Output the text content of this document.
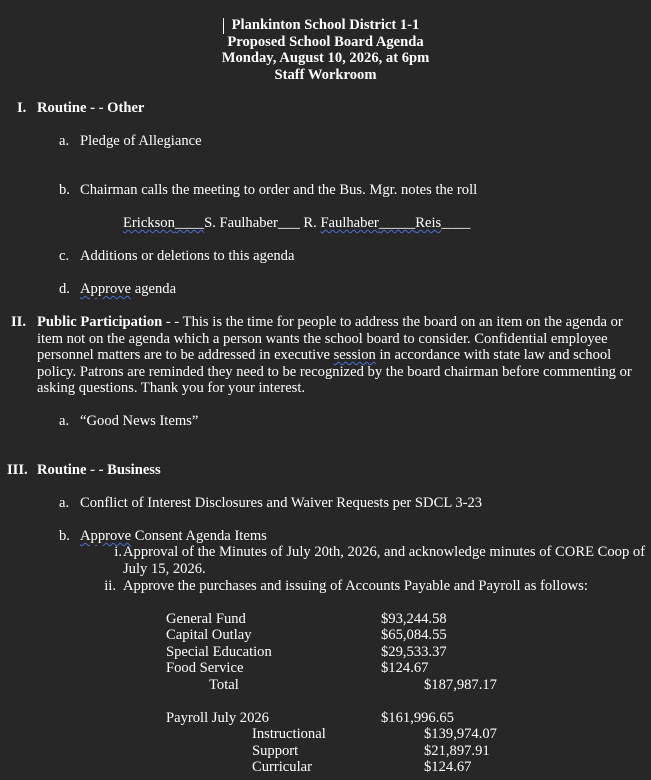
Plankinton School District 1-1
Proposed School Board Agenda
Monday, August 10, 2026, at 6pm
Staff Workroom
I. Routine - - Other
a. Pledge of Allegiance
b. Chairman calls the meeting to order and the Bus. Mgr. notes the roll
Erickson____S. Faulhaber___ R. Faulhaber_____Reis____
c. Additions or deletions to this agenda
d. Approve agenda
II. Public Participation - - This is the time for people to address the board on an item on the agenda or item not on the agenda which a person wants the school board to consider. Confidential employee personnel matters are to be addressed in executive session in accordance with state law and school policy. Patrons are reminded they need to be recognized by the board chairman before commenting or asking questions. Thank you for your interest.
a. “Good News Items”
III. Routine - - Business
a. Conflict of Interest Disclosures and Waiver Requests per SDCL 3-23
b. Approve Consent Agenda Items
i. Approval of the Minutes of July 20th, 2026, and acknowledge minutes of CORE Coop of
July 15, 2026.
ii. Approve the purchases and issuing of Accounts Payable and Payroll as follows:
General Fund	$93,244.58
Capital Outlay	$65,084.55
Special Education	$29,533.37
Food Service	$124.67
Total	$187,987.17
Payroll July 2026	$161,996.65
Instructional	$139,974.07
Support	$21,897.91
Curricular	$124.67
